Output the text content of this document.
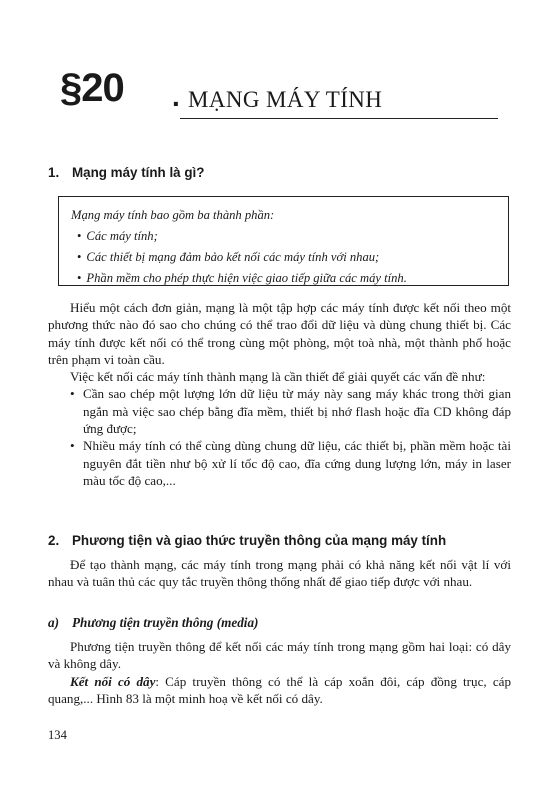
§20 . MẠNG MÁY TÍNH
1. Mạng máy tính là gì?
Mạng máy tính bao gồm ba thành phần:
• Các máy tính;
• Các thiết bị mạng đảm bảo kết nối các máy tính với nhau;
• Phần mềm cho phép thực hiện việc giao tiếp giữa các máy tính.

Hiểu một cách đơn giản, mạng là một tập hợp các máy tính được kết nối theo một phương thức nào đó sao cho chúng có thể trao đổi dữ liệu và dùng chung thiết bị. Các máy tính được kết nối có thể trong cùng một phòng, một toà nhà, một thành phố hoặc trên phạm vi toàn cầu.

Việc kết nối các máy tính thành mạng là cần thiết để giải quyết các vấn đề như:

• Cần sao chép một lượng lớn dữ liệu từ máy này sang máy khác trong thời gian ngắn mà việc sao chép bằng đĩa mềm, thiết bị nhớ flash hoặc đĩa CD không đáp ứng được;
• Nhiều máy tính có thể cùng dùng chung dữ liệu, các thiết bị, phần mềm hoặc tài nguyên đắt tiền như bộ xử lí tốc độ cao, đĩa cứng dung lượng lớn, máy in laser màu tốc độ cao,...
2. Phương tiện và giao thức truyền thông của mạng máy tính

Để tạo thành mạng, các máy tính trong mạng phải có khả năng kết nối vật lí với nhau và tuân thủ các quy tắc truyền thông thống nhất để giao tiếp được với nhau.

a) Phương tiện truyền thông (media)

Phương tiện truyền thông để kết nối các máy tính trong mạng gồm hai loại: có dây và không dây.

Kết nối có dây: Cáp truyền thông có thể là cáp xoắn đôi, cáp đồng trục, cáp quang,... Hình 83 là một minh hoạ về kết nối có dây.

134
